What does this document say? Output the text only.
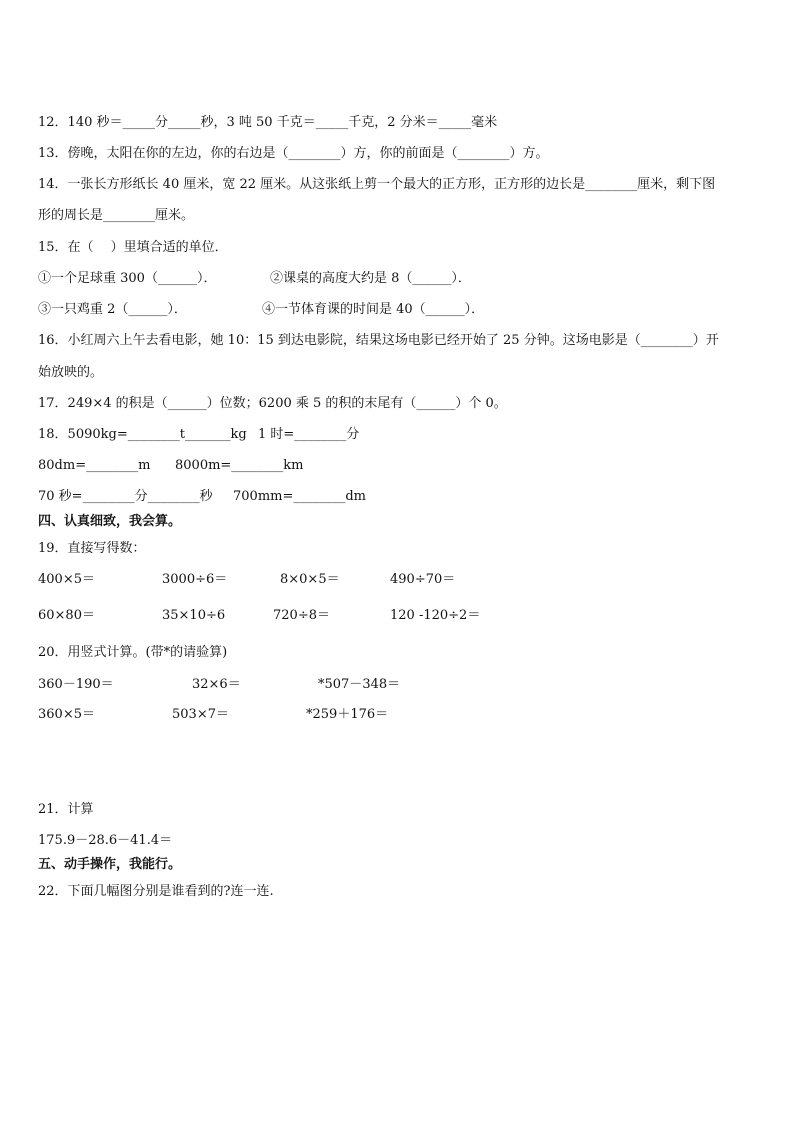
12．140 秒＝_____分_____秒，3 吨 50 千克＝_____千克，2 分米＝_____毫米
13．傍晚，太阳在你的左边，你的右边是（________）方，你的前面是（________）方。
14．一张长方形纸长 40 厘米，宽 22 厘米。从这张纸上剪一个最大的正方形，正方形的边长是________厘米，剩下图
形的周长是________厘米。
15．在（　 ）里填合适的单位．
①一个足球重 300（______）．	②课桌的高度大约是 8（______）．
③一只鸡重 2（______）．	④一节体育课的时间是 40（______）．
16．小红周六上午去看电影，她 10：15 到达电影院，结果这场电影已经开始了 25 分钟。这场电影是（________）开
始放映的。
17．249×4 的积是（______）位数；6200 乘 5 的积的末尾有（______）个 0。
18．5090kg=________t_______kg 1 时=________分
80dm=________m 8000m=________km
70 秒=________分________秒 700mm=________dm
四、认真细致，我会算。
19．直接写得数：
400×5＝	3000÷6＝	8×0×5＝	490÷70＝
60×80＝	35×10÷6	720÷8＝	120 -120÷2＝
20．用竖式计算。(带*的请验算)
360－190＝	32×6＝	*507－348＝
360×5＝	503×7＝	*259＋176＝
21．计算
175.9－28.6－41.4＝
五、动手操作，我能行。
22．下面几幅图分别是谁看到的?连一连.
